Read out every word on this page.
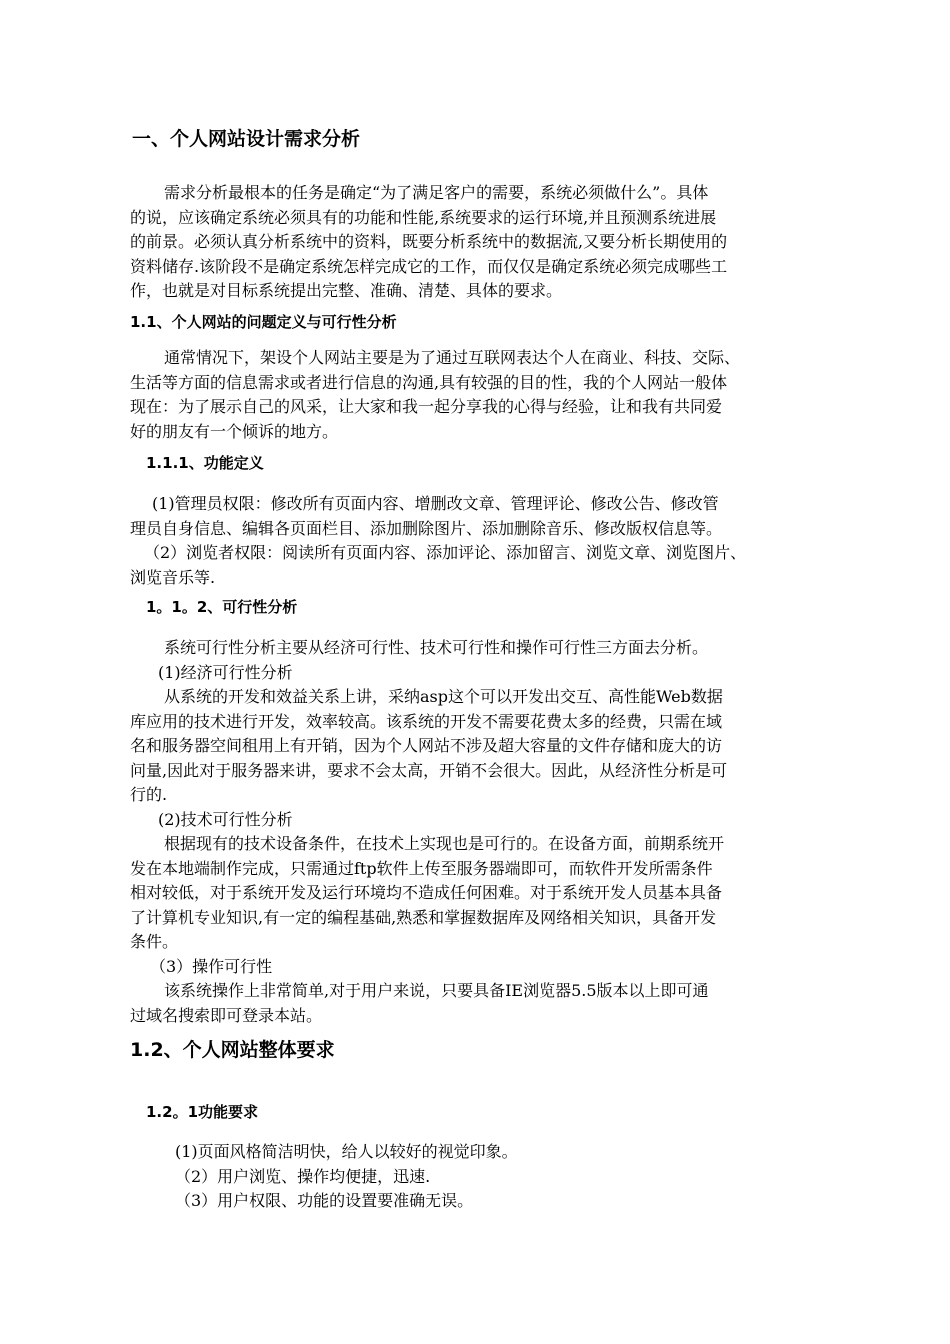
一、个人网站设计需求分析
需求分析最根本的任务是确定“为了满足客户的需要，系统必须做什么”。具体
的说，应该确定系统必须具有的功能和性能,系统要求的运行环境,并且预测系统进展
的前景。必须认真分析系统中的资料，既要分析系统中的数据流,又要分析长期使用的
资料储存.该阶段不是确定系统怎样完成它的工作，而仅仅是确定系统必须完成哪些工
作，也就是对目标系统提出完整、准确、清楚、具体的要求。
1.1、个人网站的问题定义与可行性分析
通常情况下，架设个人网站主要是为了通过互联网表达个人在商业、科技、交际、
生活等方面的信息需求或者进行信息的沟通,具有较强的目的性，我的个人网站一般体
现在：为了展示自己的风采，让大家和我一起分享我的心得与经验，让和我有共同爱
好的朋友有一个倾诉的地方。
1.1.1、功能定义
(1)管理员权限：修改所有页面内容、增删改文章、管理评论、修改公告、修改管
理员自身信息、编辑各页面栏目、添加删除图片、添加删除音乐、修改版权信息等。
（2）浏览者权限：阅读所有页面内容、添加评论、添加留言、浏览文章、浏览图片、
浏览音乐等.
1。1。2、可行性分析
系统可行性分析主要从经济可行性、技术可行性和操作可行性三方面去分析。
(1)经济可行性分析
从系统的开发和效益关系上讲，采纳asp这个可以开发出交互、高性能Web数据
库应用的技术进行开发，效率较高。该系统的开发不需要花费太多的经费，只需在域
名和服务器空间租用上有开销，因为个人网站不涉及超大容量的文件存储和庞大的访
问量,因此对于服务器来讲，要求不会太高，开销不会很大。因此，从经济性分析是可
行的.
(2)技术可行性分析
根据现有的技术设备条件，在技术上实现也是可行的。在设备方面，前期系统开
发在本地端制作完成，只需通过ftp软件上传至服务器端即可，而软件开发所需条件
相对较低，对于系统开发及运行环境均不造成任何困难。对于系统开发人员基本具备
了计算机专业知识,有一定的编程基础,熟悉和掌握数据库及网络相关知识，具备开发
条件。
（3）操作可行性
该系统操作上非常简单,对于用户来说，只要具备IE浏览器5.5版本以上即可通
过域名搜索即可登录本站。
1.2、个人网站整体要求
1.2。1功能要求
(1)页面风格简洁明快，给人以较好的视觉印象。
（2）用户浏览、操作均便捷，迅速.
（3）用户权限、功能的设置要准确无误。
